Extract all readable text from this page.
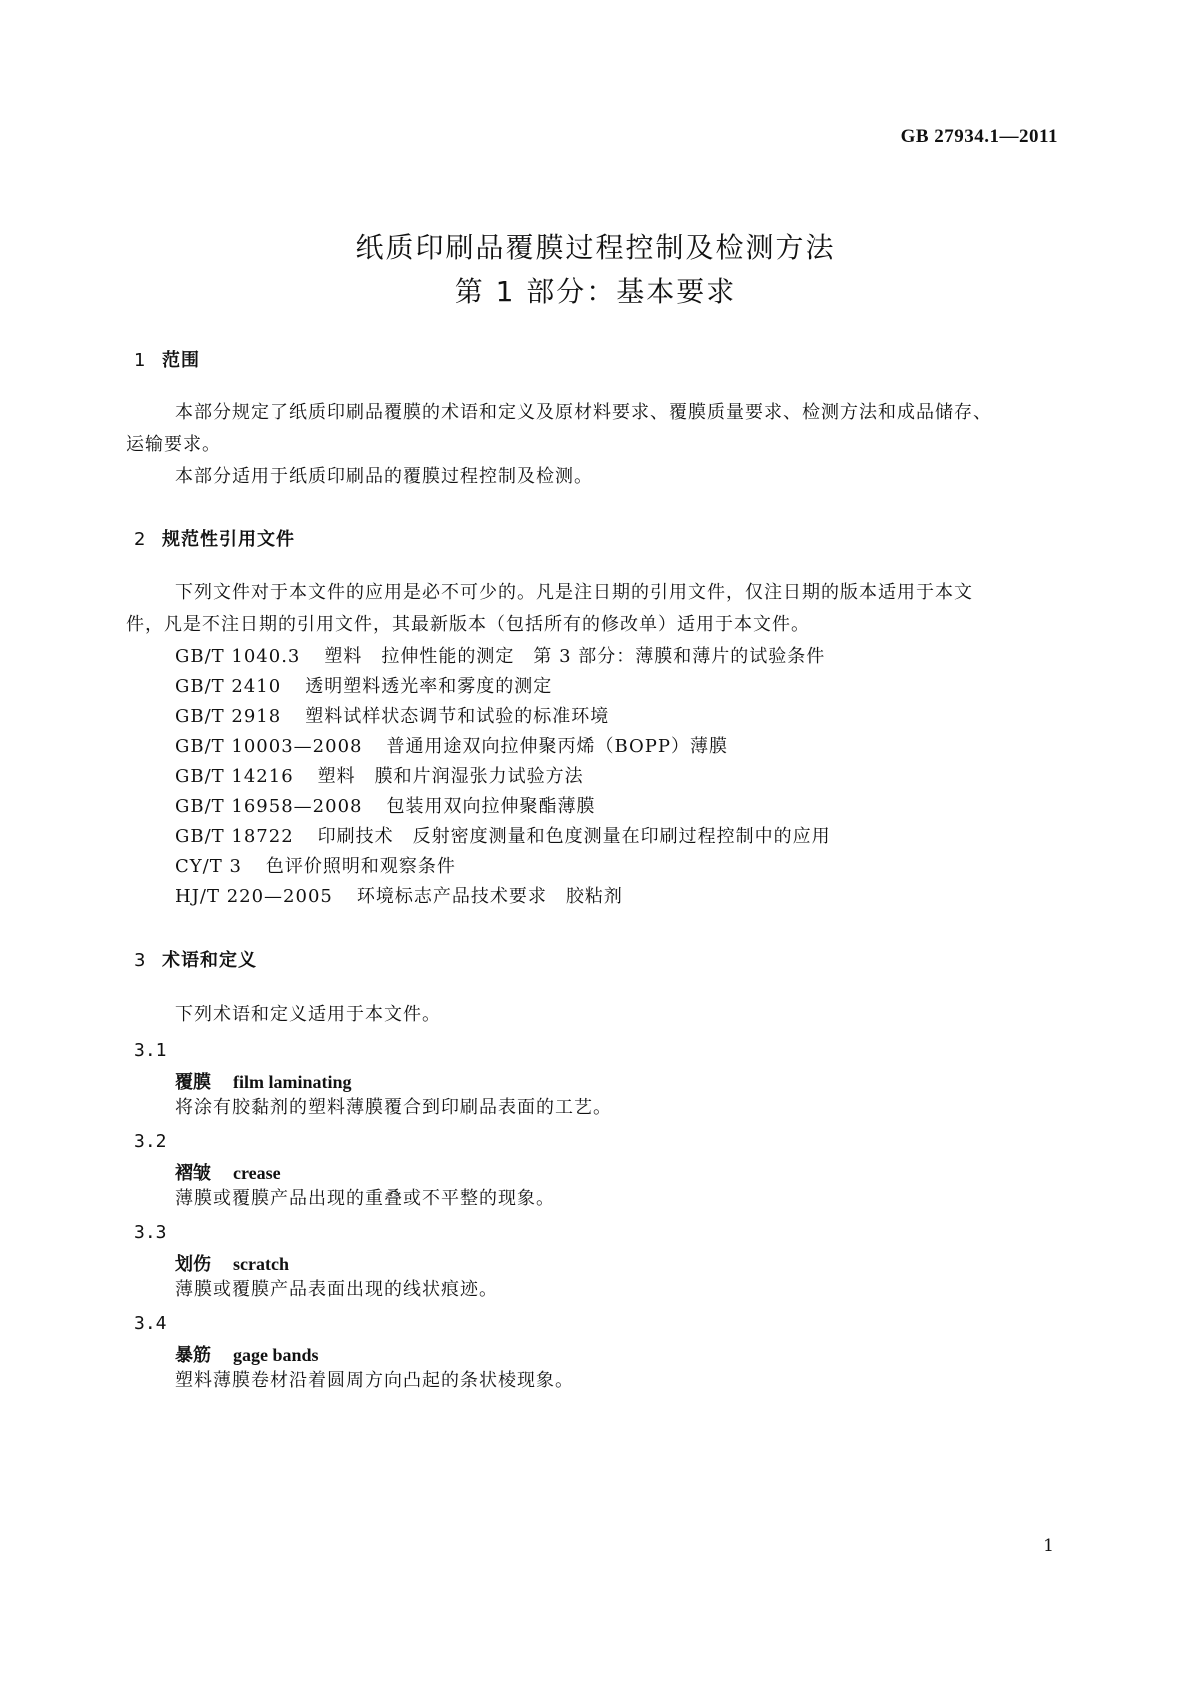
GB 27934.1—2011
纸质印刷品覆膜过程控制及检测方法
第 1 部分：基本要求
1 范围
本部分规定了纸质印刷品覆膜的术语和定义及原材料要求、覆膜质量要求、检测方法和成品储存、
运输要求。
本部分适用于纸质印刷品的覆膜过程控制及检测。
2 规范性引用文件
下列文件对于本文件的应用是必不可少的。凡是注日期的引用文件，仅注日期的版本适用于本文
件，凡是不注日期的引用文件，其最新版本（包括所有的修改单）适用于本文件。
GB/T 1040.3 塑料　拉伸性能的测定　第 3 部分：薄膜和薄片的试验条件
GB/T 2410 透明塑料透光率和雾度的测定
GB/T 2918 塑料试样状态调节和试验的标准环境
GB/T 10003—2008 普通用途双向拉伸聚丙烯（BOPP）薄膜
GB/T 14216 塑料　膜和片润湿张力试验方法
GB/T 16958—2008 包装用双向拉伸聚酯薄膜
GB/T 18722 印刷技术　反射密度测量和色度测量在印刷过程控制中的应用
CY/T 3 色评价照明和观察条件
HJ/T 220—2005 环境标志产品技术要求　胶粘剂
3 术语和定义
下列术语和定义适用于本文件。
3.1
覆膜 film laminating
将涂有胶黏剂的塑料薄膜覆合到印刷品表面的工艺。
3.2
褶皱 crease
薄膜或覆膜产品出现的重叠或不平整的现象。
3.3
划伤 scratch
薄膜或覆膜产品表面出现的线状痕迹。
3.4
暴筋 gage bands
塑料薄膜卷材沿着圆周方向凸起的条状棱现象。
1
